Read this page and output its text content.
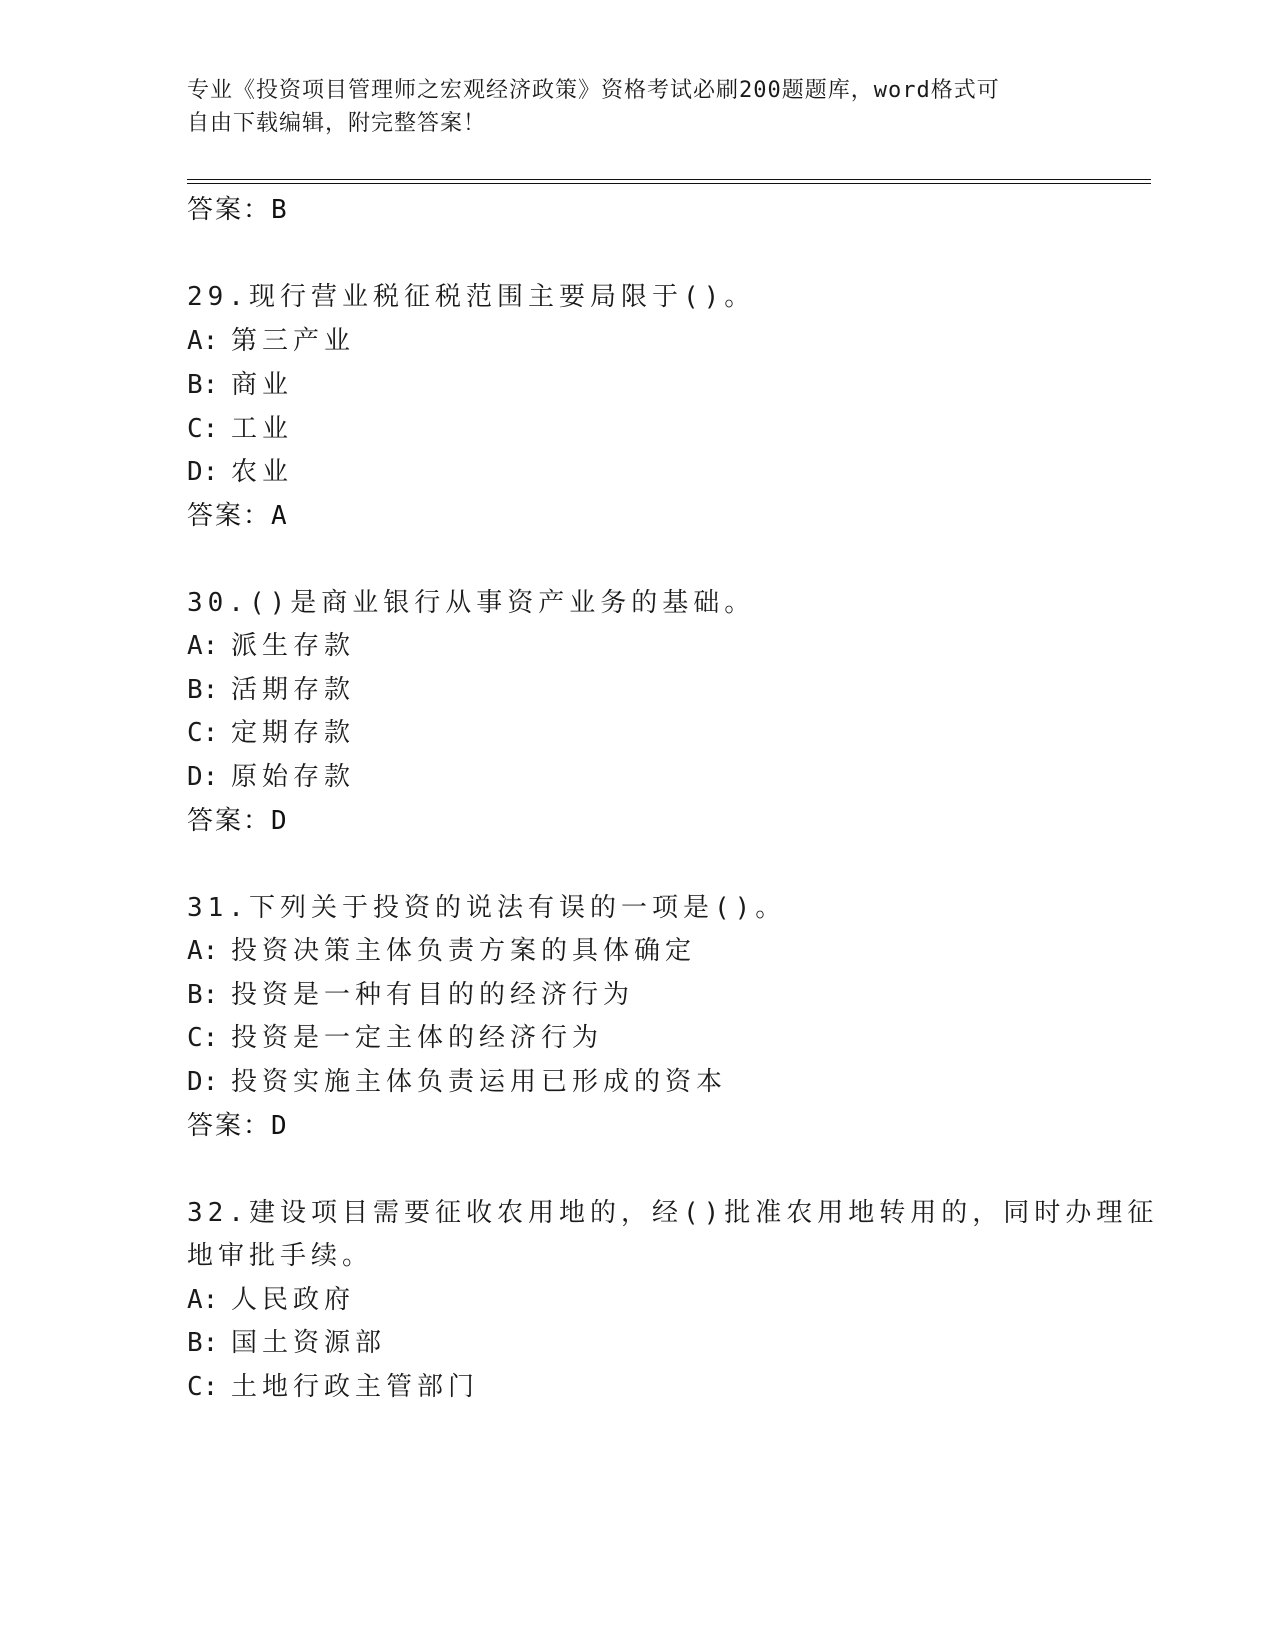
专业《投资项目管理师之宏观经济政策》资格考试必刷200题题库，word格式可
自由下载编辑，附完整答案！
答案：B
29.现行营业税征税范围主要局限于()。
A: 第三产业
B: 商业
C: 工业
D: 农业
答案：A
30.()是商业银行从事资产业务的基础。
A: 派生存款
B: 活期存款
C: 定期存款
D: 原始存款
答案：D
31.下列关于投资的说法有误的一项是()。
A: 投资决策主体负责方案的具体确定
B: 投资是一种有目的的经济行为
C: 投资是一定主体的经济行为
D: 投资实施主体负责运用已形成的资本
答案：D
32.建设项目需要征收农用地的，经()批准农用地转用的，同时办理征
地审批手续。
A: 人民政府
B: 国土资源部
C: 土地行政主管部门
